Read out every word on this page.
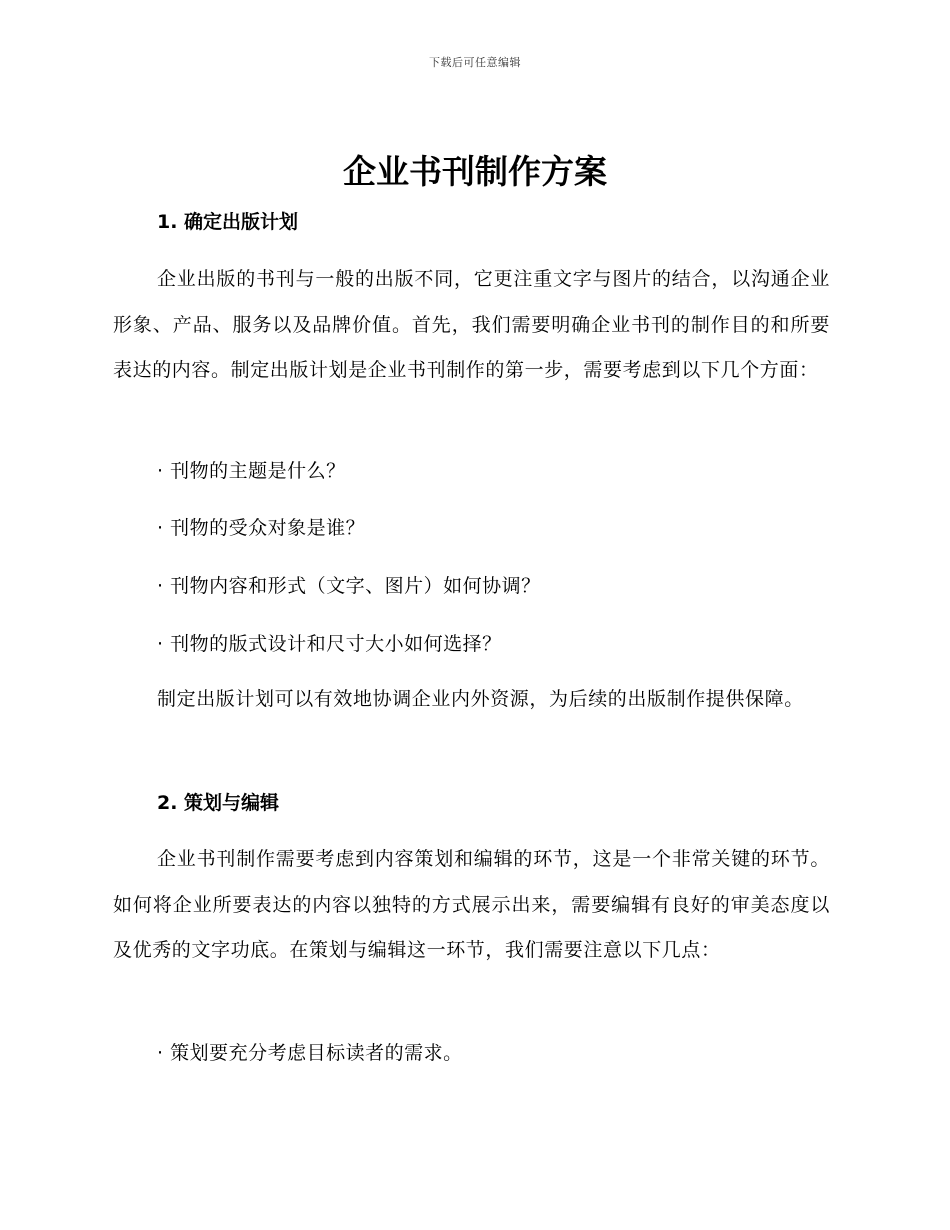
下载后可任意编辑
企业书刊制作方案
1. 确定出版计划

企业出版的书刊与一般的出版不同，它更注重文字与图片的结合，以沟通企业形象、产品、服务以及品牌价值。首先，我们需要明确企业书刊的制作目的和所要表达的内容。制定出版计划是企业书刊制作的第一步，需要考虑到以下几个方面：

· 刊物的主题是什么？

· 刊物的受众对象是谁？

· 刊物内容和形式（文字、图片）如何协调？

· 刊物的版式设计和尺寸大小如何选择？

制定出版计划可以有效地协调企业内外资源，为后续的出版制作提供保障。

2. 策划与编辑

企业书刊制作需要考虑到内容策划和编辑的环节，这是一个非常关键的环节。如何将企业所要表达的内容以独特的方式展示出来，需要编辑有良好的审美态度以及优秀的文字功底。在策划与编辑这一环节，我们需要注意以下几点：

· 策划要充分考虑目标读者的需求。
